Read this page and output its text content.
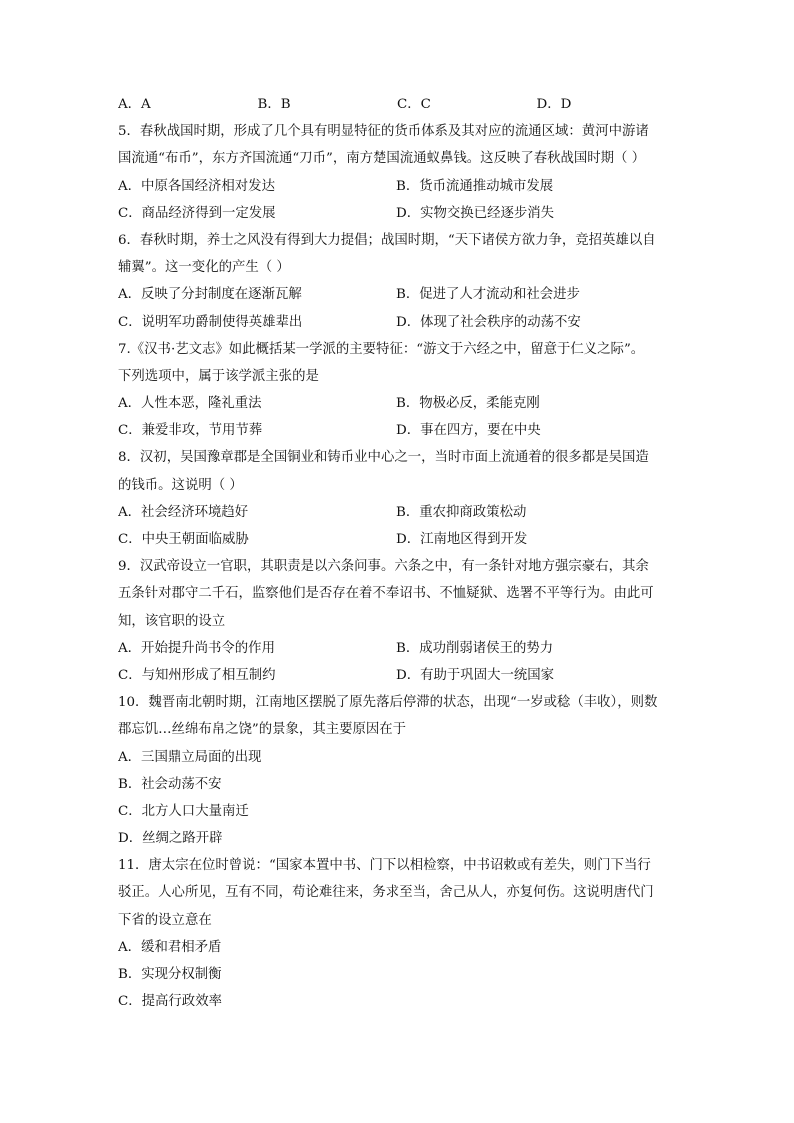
A．A	B．B	C．C	D．D
5．春秋战国时期，形成了几个具有明显特征的货币体系及其对应的流通区域：黄河中游诸
国流通“布币”，东方齐国流通“刀币”，南方楚国流通蚁鼻钱。这反映了春秋战国时期（ ）
A．中原各国经济相对发达	B．货币流通推动城市发展
C．商品经济得到一定发展	D．实物交换已经逐步消失
6．春秋时期，养士之风没有得到大力提倡；战国时期，“天下诸侯方欲力争，竞招英雄以自
辅翼”。这一变化的产生（ ）
A．反映了分封制度在逐渐瓦解	B．促进了人才流动和社会进步
C．说明军功爵制使得英雄辈出	D．体现了社会秩序的动荡不安
7.《汉书·艺文志》如此概括某一学派的主要特征：“游文于六经之中，留意于仁义之际”。
下列选项中，属于该学派主张的是
A．人性本恶，隆礼重法	B．物极必反，柔能克刚
C．兼爱非攻，节用节葬	D．事在四方，要在中央
8．汉初，吴国豫章郡是全国铜业和铸币业中心之一，当时市面上流通着的很多都是吴国造
的钱币。这说明（ ）
A．社会经济环境趋好	B．重农抑商政策松动
C．中央王朝面临威胁	D．江南地区得到开发
9．汉武帝设立一官职，其职责是以六条问事。六条之中，有一条针对地方强宗豪右，其余
五条针对郡守二千石，监察他们是否存在着不奉诏书、不恤疑狱、选署不平等行为。由此可
知，该官职的设立
A．开始提升尚书令的作用	B．成功削弱诸侯王的势力
C．与知州形成了相互制约	D．有助于巩固大一统国家
10．魏晋南北朝时期，江南地区摆脱了原先落后停滞的状态，出现“一岁或稔（丰收），则数
郡忘饥…丝绵布帛之饶”的景象，其主要原因在于
A．三国鼎立局面的出现
B．社会动荡不安
C．北方人口大量南迁
D．丝绸之路开辟
11．唐太宗在位时曾说：“国家本置中书、门下以相检察，中书诏敕或有差失，则门下当行
驳正。人心所见，互有不同，苟论难往来，务求至当，舍己从人，亦复何伤。这说明唐代门
下省的设立意在
A．缓和君相矛盾
B．实现分权制衡
C．提高行政效率
